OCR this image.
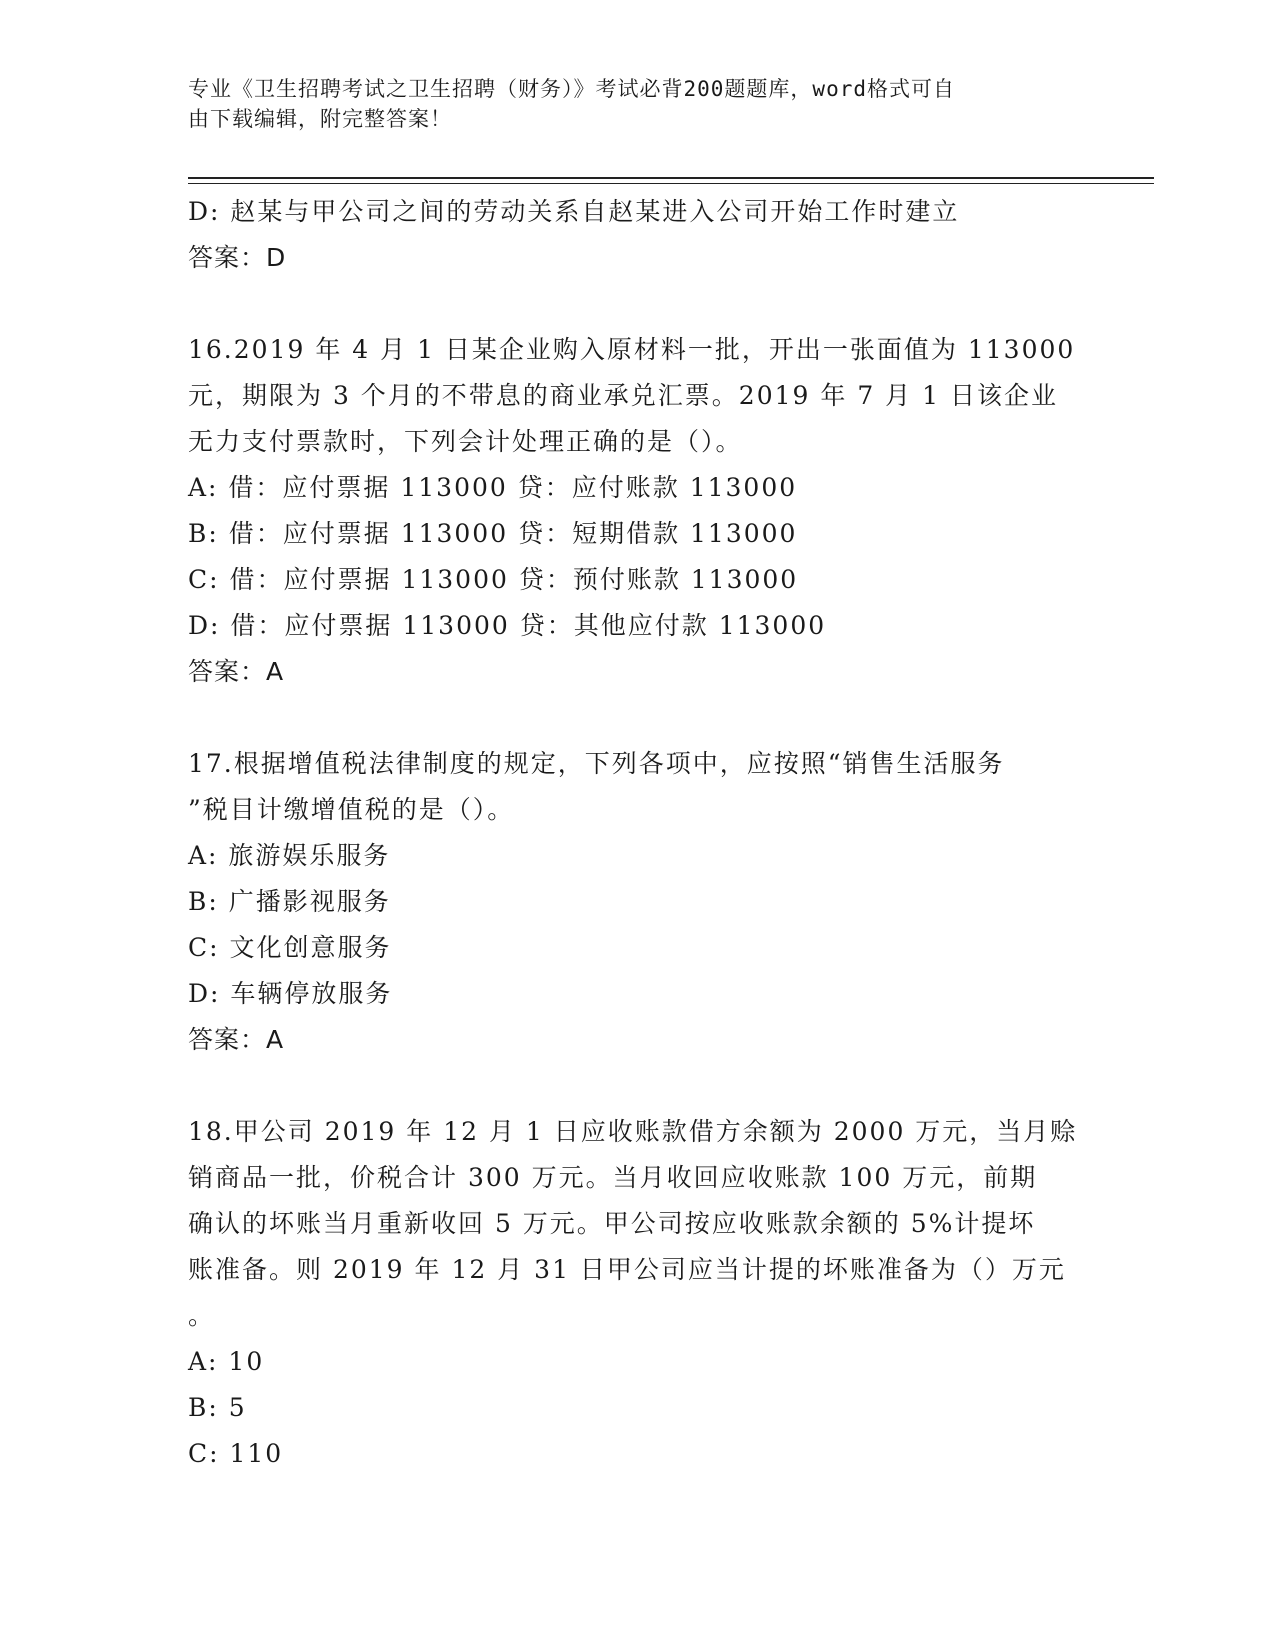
专业《卫生招聘考试之卫生招聘（财务）》考试必背200题题库，word格式可自
由下载编辑，附完整答案！
D: 赵某与甲公司之间的劳动关系自赵某进入公司开始工作时建立
答案：D
16.2019 年 4 月 1 日某企业购入原材料一批，开出一张面值为 113000
元，期限为 3 个月的不带息的商业承兑汇票。2019 年 7 月 1 日该企业
无力支付票款时，下列会计处理正确的是（）。
A: 借：应付票据 113000 贷：应付账款 113000
B: 借：应付票据 113000 贷：短期借款 113000
C: 借：应付票据 113000 贷：预付账款 113000
D: 借：应付票据 113000 贷：其他应付款 113000
答案：A
17.根据增值税法律制度的规定，下列各项中，应按照“销售生活服务
”税目计缴增值税的是（）。
A: 旅游娱乐服务
B: 广播影视服务
C: 文化创意服务
D: 车辆停放服务
答案：A
18.甲公司 2019 年 12 月 1 日应收账款借方余额为 2000 万元，当月赊
销商品一批，价税合计 300 万元。当月收回应收账款 100 万元，前期
确认的坏账当月重新收回 5 万元。甲公司按应收账款余额的 5%计提坏
账准备。则 2019 年 12 月 31 日甲公司应当计提的坏账准备为（）万元
。
A: 10
B: 5
C: 110
